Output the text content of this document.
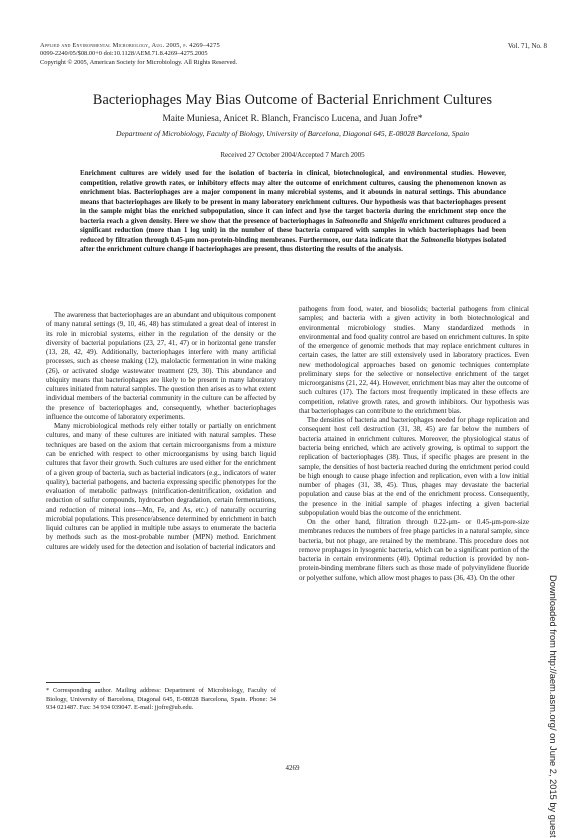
Applied and Environmental Microbiology, Aug. 2005, p. 4269–4275
0099-2240/05/$08.00+0 doi:10.1128/AEM.71.8.4269–4275.2005
Copyright © 2005, American Society for Microbiology. All Rights Reserved.
Vol. 71, No. 8
Bacteriophages May Bias Outcome of Bacterial Enrichment Cultures
Maite Muniesa, Anicet R. Blanch, Francisco Lucena, and Juan Jofre*
Department of Microbiology, Faculty of Biology, University of Barcelona, Diagonal 645, E-08028 Barcelona, Spain
Received 27 October 2004/Accepted 7 March 2005
Enrichment cultures are widely used for the isolation of bacteria in clinical, biotechnological, and environmental studies. However, competition, relative growth rates, or inhibitory effects may alter the outcome of enrichment cultures, causing the phenomenon known as enrichment bias. Bacteriophages are a major component in many microbial systems, and it abounds in natural settings. This abundance means that bacteriophages are likely to be present in many laboratory enrichment cultures. Our hypothesis was that bacteriophages present in the sample might bias the enriched subpopulation, since it can infect and lyse the target bacteria during the enrichment step once the bacteria reach a given density. Here we show that the presence of bacteriophages in Salmonella and Shigella enrichment cultures produced a significant reduction (more than 1 log unit) in the number of these bacteria compared with samples in which bacteriophages had been reduced by filtration through 0.45-μm non-protein-binding membranes. Furthermore, our data indicate that the Salmonella biotypes isolated after the enrichment culture change if bacteriophages are present, thus distorting the results of the analysis.
Downloaded from http://aem.asm.org/ on June 2, 2015 by guest

The awareness that bacteriophages are an abundant and ubiquitous component of many natural settings (9, 10, 46, 48) has stimulated a great deal of interest in its role in microbial systems, either in the regulation of the density or the diversity of bacterial populations (23, 27, 41, 47) or in horizontal gene transfer (13, 28, 42, 49). Additionally, bacteriophages interfere with many artificial processes, such as cheese making (12), malolactic fermentation in wine making (26), or activated sludge wastewater treatment (29, 30). This abundance and ubiquity means that bacteriophages are likely to be present in many laboratory cultures initiated from natural samples. The question then arises as to what extent individual members of the bacterial community in the culture can be affected by the presence of bacteriophages and, consequently, whether bacteriophages influence the outcome of laboratory experiments.

Many microbiological methods rely either totally or partially on enrichment cultures, and many of these cultures are initiated with natural samples. These techniques are based on the axiom that certain microorganisms from a mixture can be enriched with respect to other microorganisms by using batch liquid cultures that favor their growth. Such cultures are used either for the enrichment of a given group of bacteria, such as bacterial indicators (e.g., indicators of water quality), bacterial pathogens, and bacteria expressing specific phenotypes for the evaluation of metabolic pathways (nitrification-denitrification, oxidation and reduction of sulfur compounds, hydrocarbon degradation, certain fermentations, and reduction of mineral ions—Mn, Fe, and As, etc.) of naturally occurring microbial populations. This presence/absence determined by enrichment in batch liquid cultures can be applied in multiple tube assays to enumerate the bacteria by methods such as the most-probable number (MPN) method. Enrichment cultures are widely used for the detection and isolation of bacterial indicators and

pathogens from food, water, and biosolids; bacterial pathogens from clinical samples; and bacteria with a given activity in both biotechnological and environmental microbiology studies. Many standardized methods in environmental and food quality control are based on enrichment cultures. In spite of the emergence of genomic methods that may replace enrichment cultures in certain cases, the latter are still extensively used in laboratory practices. Even new methodological approaches based on genomic techniques contemplate preliminary steps for the selective or nonselective enrichment of the target microorganisms (21, 22, 44). However, enrichment bias may alter the outcome of such cultures (17). The factors most frequently implicated in these effects are competition, relative growth rates, and growth inhibitors. Our hypothesis was that bacteriophages can contribute to the enrichment bias.

The densities of bacteria and bacteriophages needed for phage replication and consequent host cell destruction (31, 38, 45) are far below the numbers of bacteria attained in enrichment cultures. Moreover, the physiological status of bacteria being enriched, which are actively growing, is optimal to support the replication of bacteriophages (38). Thus, if specific phages are present in the sample, the densities of host bacteria reached during the enrichment period could be high enough to cause phage infection and replication, even with a low initial number of phages (31, 38, 45). Thus, phages may devastate the bacterial population and cause bias at the end of the enrichment process. Consequently, the presence in the initial sample of phages infecting a given bacterial subpopulation would bias the outcome of the enrichment.

On the other hand, filtration through 0.22-μm- or 0.45-μm-pore-size membranes reduces the numbers of free phage particles in a natural sample, since bacteria, but not phage, are retained by the membrane. This procedure does not remove prophages in lysogenic bacteria, which can be a significant portion of the bacteria in certain environments (40). Optimal reduction is provided by non-protein-binding membrane filters such as those made of polyvinylidene fluoride or polyether sulfone, which allow most phages to pass (36, 43). On the other

* Corresponding author. Mailing address: Department of Microbiology, Faculty of Biology, University of Barcelona, Diagonal 645, E-08028 Barcelona, Spain. Phone: 34 934 021487. Fax: 34 934 039047. E-mail: jjofre@ub.edu.
4269
